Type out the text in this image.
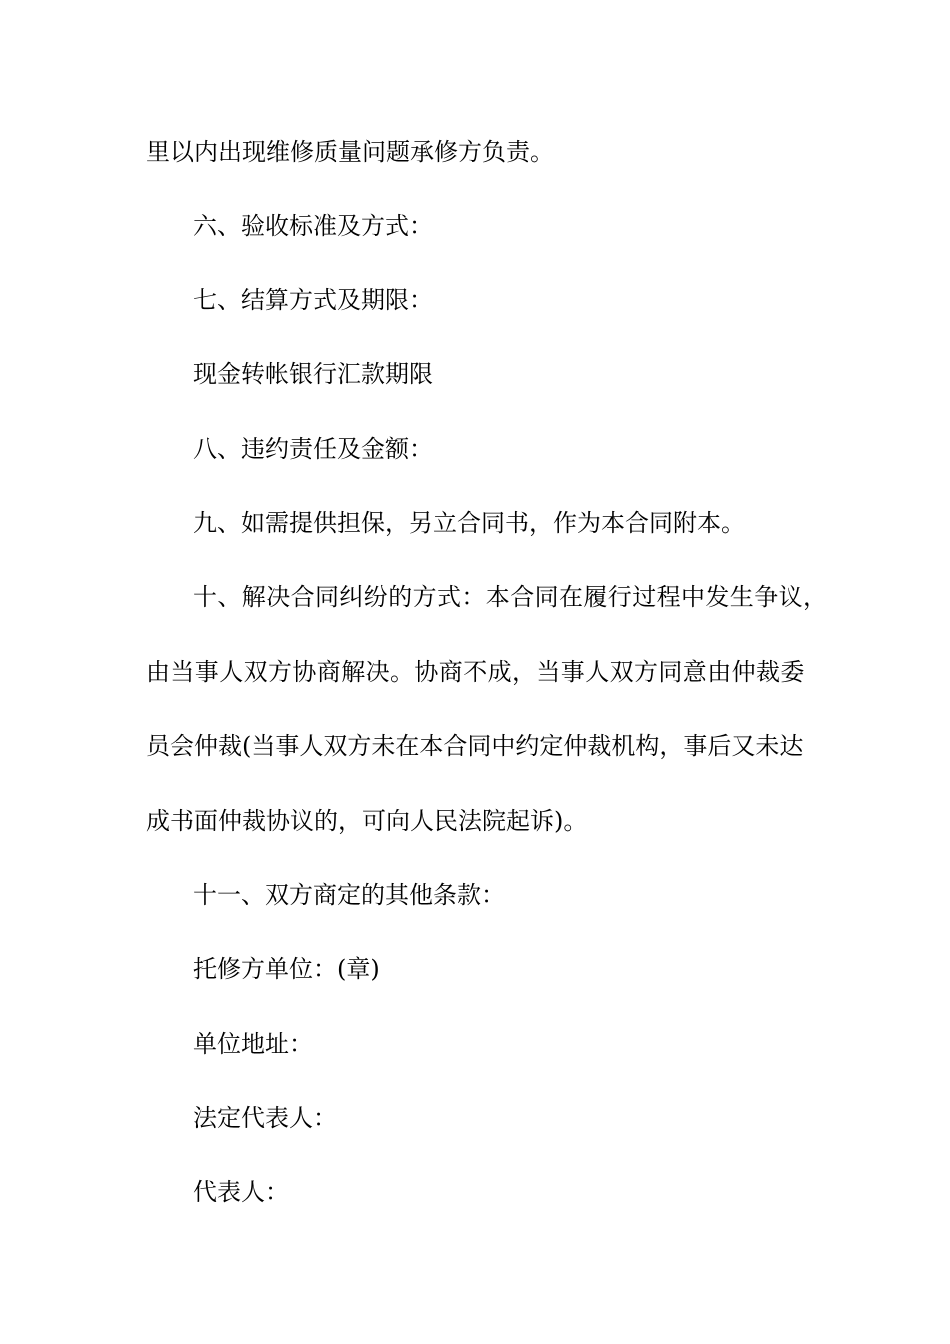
里以内出现维修质量问题承修方负责。

六、验收标准及方式：

七、结算方式及期限：

现金转帐银行汇款期限

八、违约责任及金额：

九、如需提供担保，另立合同书，作为本合同附本。

十、解决合同纠纷的方式：本合同在履行过程中发生争议，

由当事人双方协商解决。协商不成，当事人双方同意由仲裁委

员会仲裁(当事人双方未在本合同中约定仲裁机构，事后又未达

成书面仲裁协议的，可向人民法院起诉)。

十一、双方商定的其他条款：

托修方单位：(章)

单位地址：

法定代表人：

代表人：
